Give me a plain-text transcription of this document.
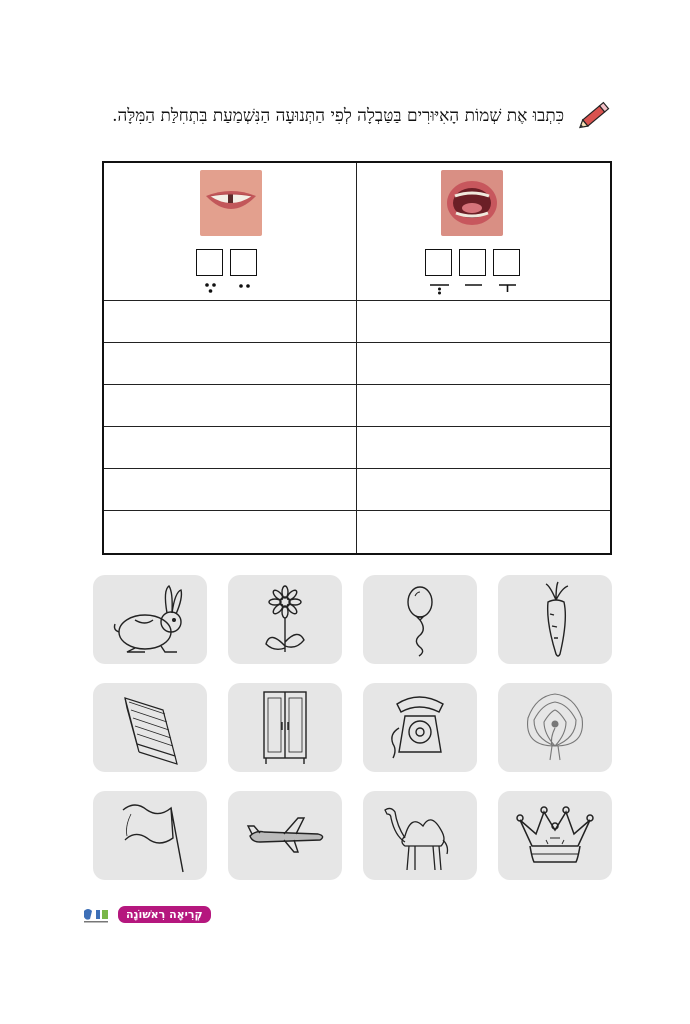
כִּתְבוּ אֶת שְׁמוֹת הָאִיּוּרִים בַּטַּבְלָה לְפִי הַתְּנוּעָה הַנִּשְׁמַעַת בִּתְחִלַּת הַמִּלָּה.
קְרִיאָה רִאשׁוֹנָה
